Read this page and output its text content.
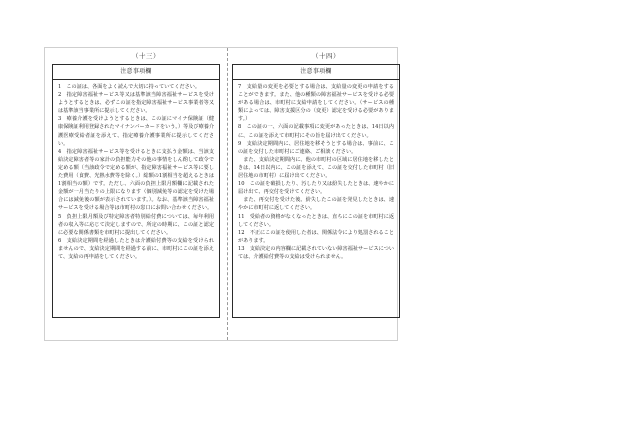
（十三）	（十四）
注意事項欄

1　この証は、各面をよく読んで大切に持っていてください。

2　指定障害福祉サービス等又は基準該当障害福祉サービスを受けようとするときは、必ずこの証を指定障害福祉サービス事業者等又は基準該当事業所に提示してください。

3　療養介護を受けようとするときは、この証にマイナ保険証（健康保険証利用登録されたマイナンバーカードをいう。）等及び療養介護医療受給者証を添えて、指定療養介護事業所に提示してください。

4　指定障害福祉サービス等を受けるときに支払う金額は、当該支給決定障害者等の家計の負担能力その他の事情をしん酌して政令で定める額（当該政令で定める額が、指定障害福祉サービス等に要した費用（食費、光熱水費等を除く。）総額の1割相当を超えるときは1割相当の額）です。ただし、六面の負担上限月額欄に記載された金額が一月当たりの上限になります（個別減免等の認定を受けた場合には減免後の額が表示されています。）。なお、基準該当障害福祉サービスを受ける場合等は市町村の窓口にお問い合わせください。

5　負担上限月額及び特定障害者特別給付費については、毎年利用者の収入等に応じて決定しますので、所定の時期に、この証と認定に必要な関係書類を市町村に提出してください。

6　支給決定期間を経過したときは介護給付費等の支給を受けられませんので、支給決定期間を経過する前に、市町村にこの証を添えて、支給の再申請をしてください。

注意事項欄

7　支給量の変更を必要とする場合は、支給量の変更の申請をすることができます。また、他の種類の障害福祉サービスを受ける必要がある場合は、市町村に支給申請をしてください。（サービスの種類によっては、障害支援区分の（変更）認定を受ける必要があります。）

8　この証の一、六面の記載事項に変更があったときは、14日以内に、この証を添えて市町村にその旨を届け出てください。

9　支給決定期間内に、居住地を移そうとする場合は、事前に、この証を交付した市町村にご連絡、ご相談ください。

　また、支給決定期間内に、他の市町村の区域に居住地を移したときは、14日以内に、この証を添えて、この証を交付した市町村（旧居住地の市町村）に届け出てください。

10　この証を破損したり、汚したり又は紛失したときは、速やかに届け出て、再交付を受けてください。

　また、再交付を受けた後、紛失したこの証を発見したときは、速やかに市町村に返してください。

11　受給者の資格がなくなったときは、直ちにこの証を市町村に返してください。

12　不正にこの証を使用した者は、関係法令により処罰されることがあります。

13　支給決定の内容欄に記載されていない障害福祉サービスについては、介護給付費等の支給は受けられません。
